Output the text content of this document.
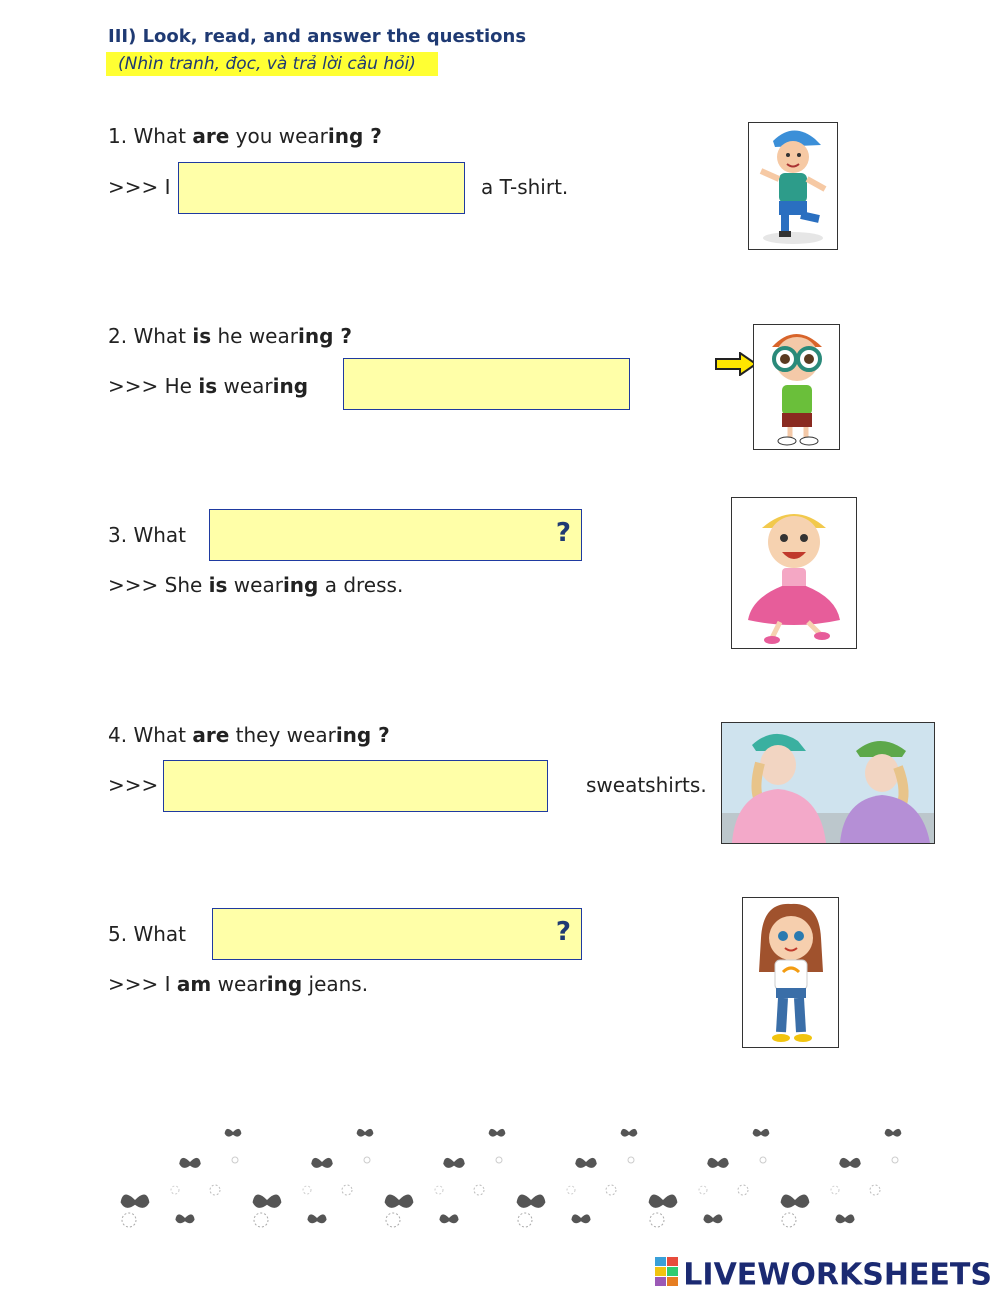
III) Look, read, and answer the questions
(Nhìn tranh, đọc, và trả lời câu hỏi)
1. What are you wearing ?
>>> I	a T-shirt.
2. What is he wearing ?
>>> He is wearing
3. What	?
>>> She is wearing a dress.
4. What are they wearing ?
>>>	sweatshirts.
5. What	?
>>> I am wearing jeans.
LIVEWORKSHEETS
